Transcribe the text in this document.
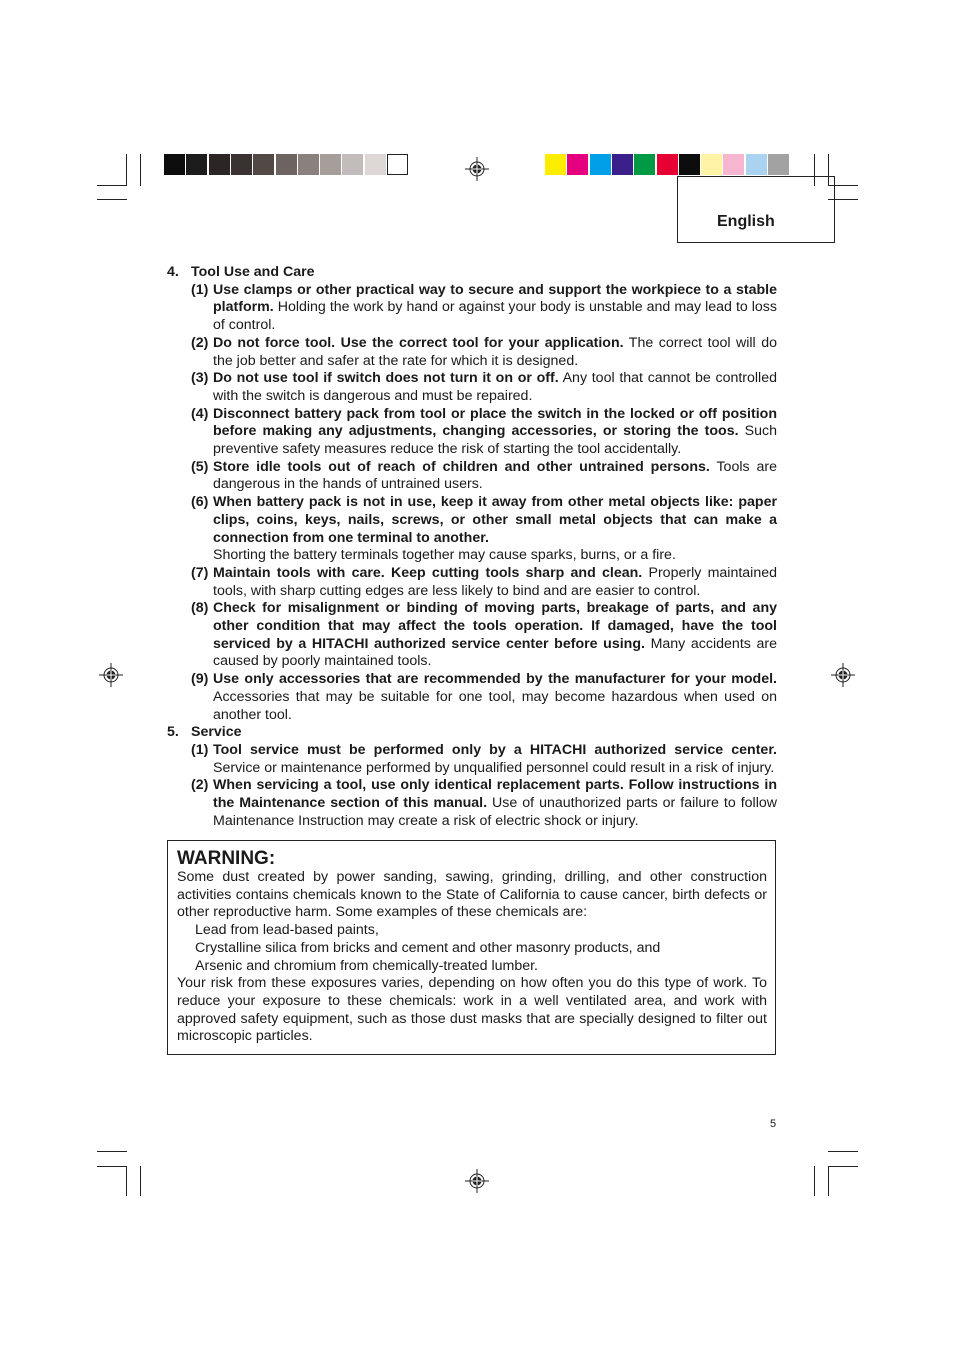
English
4. Tool Use and Care
(1) Use clamps or other practical way to secure and support the workpiece to a stable platform. Holding the work by hand or against your body is unstable and may lead to loss of control.
(2) Do not force tool. Use the correct tool for your application. The correct tool will do the job better and safer at the rate for which it is designed.
(3) Do not use tool if switch does not turn it on or off. Any tool that cannot be controlled with the switch is dangerous and must be repaired.
(4) Disconnect battery pack from tool or place the switch in the locked or off position before making any adjustments, changing accessories, or storing the toos. Such preventive safety measures reduce the risk of starting the tool accidentally.
(5) Store idle tools out of reach of children and other untrained persons. Tools are dangerous in the hands of untrained users.
(6) When battery pack is not in use, keep it away from other metal objects like: paper clips, coins, keys, nails, screws, or other small metal objects that can make a connection from one terminal to another.
Shorting the battery terminals together may cause sparks, burns, or a fire.
(7) Maintain tools with care. Keep cutting tools sharp and clean. Properly maintained tools, with sharp cutting edges are less likely to bind and are easier to control.
(8) Check for misalignment or binding of moving parts, breakage of parts, and any other condition that may affect the tools operation. If damaged, have the tool serviced by a HITACHI authorized service center before using. Many accidents are caused by poorly maintained tools.
(9) Use only accessories that are recommended by the manufacturer for your model. Accessories that may be suitable for one tool, may become hazardous when used on another tool.
5. Service
(1) Tool service must be performed only by a HITACHI authorized service center. Service or maintenance performed by unqualified personnel could result in a risk of injury.
(2) When servicing a tool, use only identical replacement parts. Follow instructions in the Maintenance section of this manual. Use of unauthorized parts or failure to follow Maintenance Instruction may create a risk of electric shock or injury.
WARNING:
Some dust created by power sanding, sawing, grinding, drilling, and other construction activities contains chemicals known to the State of California to cause cancer, birth defects or other reproductive harm. Some examples of these chemicals are:
Lead from lead-based paints,
Crystalline silica from bricks and cement and other masonry products, and
Arsenic and chromium from chemically-treated lumber.
Your risk from these exposures varies, depending on how often you do this type of work. To reduce your exposure to these chemicals: work in a well ventilated area, and work with approved safety equipment, such as those dust masks that are specially designed to filter out microscopic particles.
5
